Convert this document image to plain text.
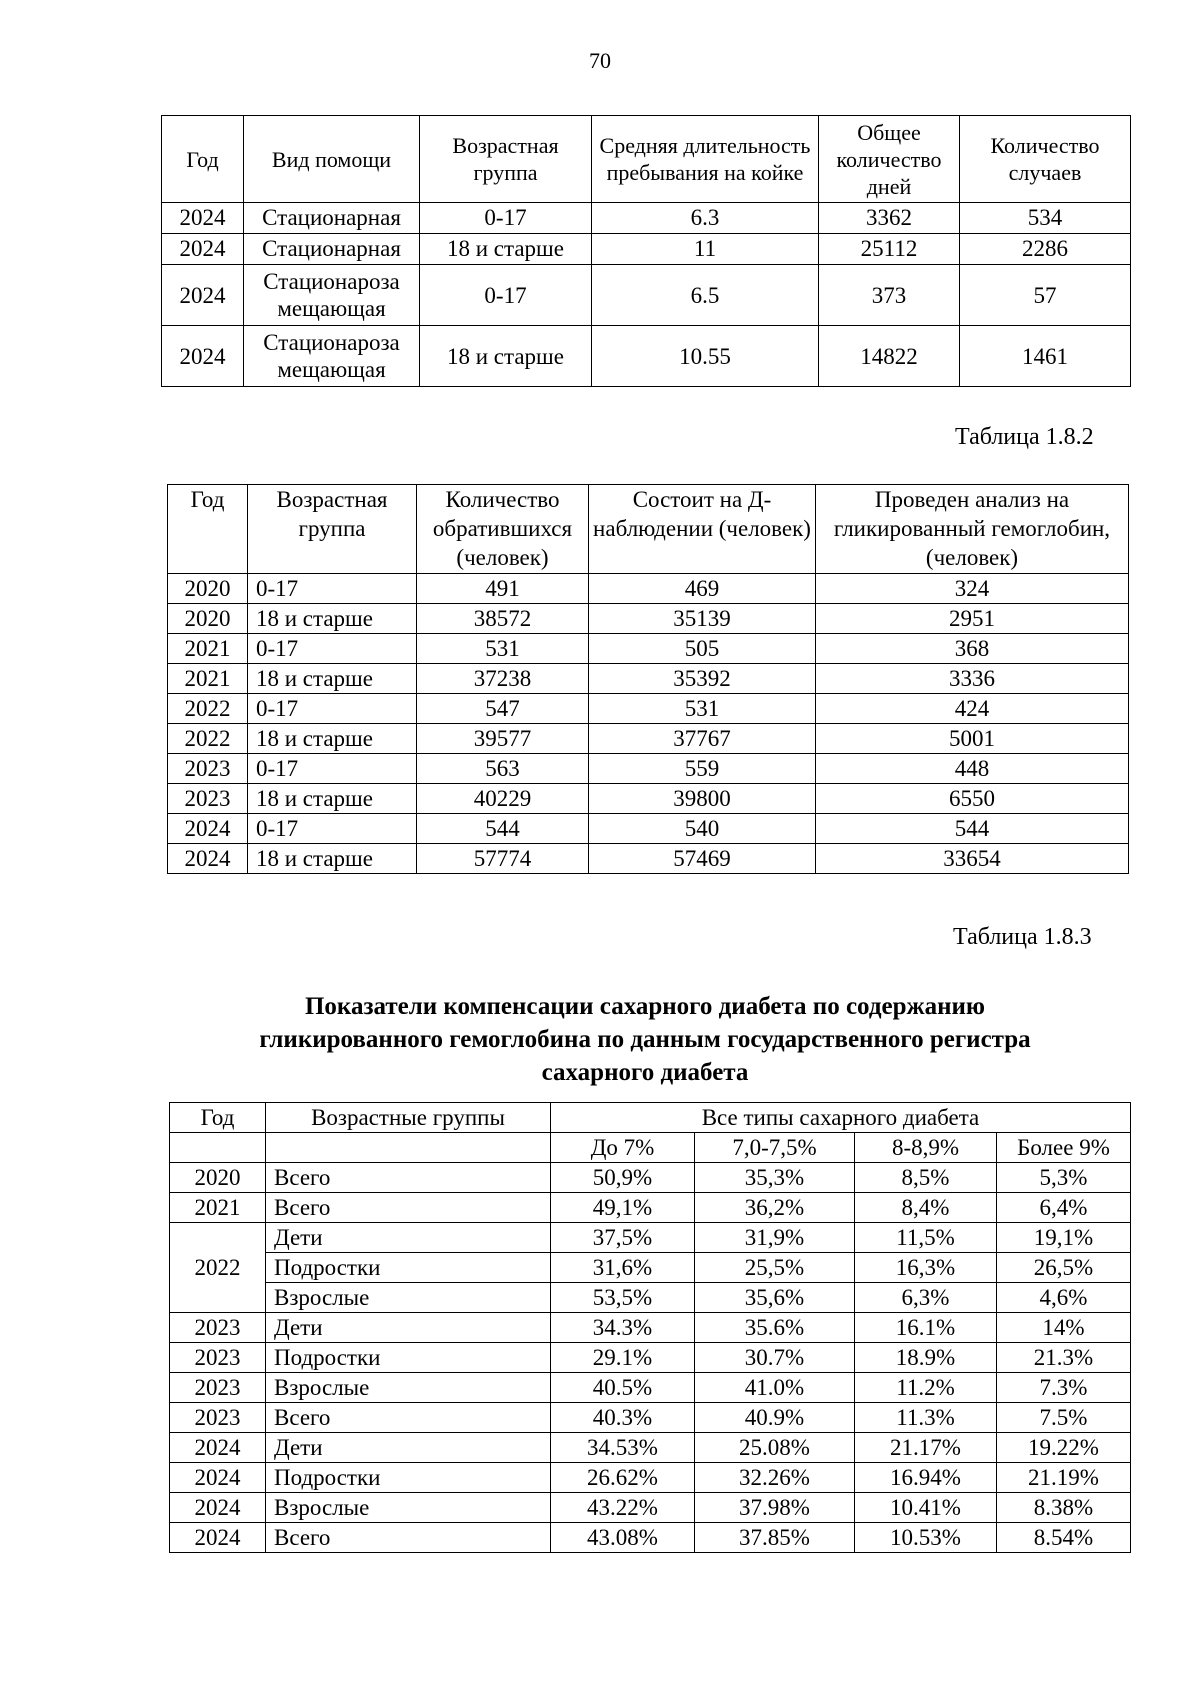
70
Год	Вид помощи	Возрастная группа	Средняя длительность пребывания на койке	Общее количество дней	Количество случаев
2024	Стационарная	0-17	6.3	3362	534
2024	Стационарная	18 и старше	11	25112	2286
2024	Стационароза мещающая	0-17	6.5	373	57
2024	Стационароза мещающая	18 и старше	10.55	14822	1461
Таблица 1.8.2
Год	Возрастная группа	Количество обратившихся (человек)	Состоит на Д-наблюдении (человек)	Проведен анализ на гликированный гемоглобин, (человек)
2020	0-17	491	469	324
2020	18 и старше	38572	35139	2951
2021	0-17	531	505	368
2021	18 и старше	37238	35392	3336
2022	0-17	547	531	424
2022	18 и старше	39577	37767	5001
2023	0-17	563	559	448
2023	18 и старше	40229	39800	6550
2024	0-17	544	540	544
2024	18 и старше	57774	57469	33654
Таблица 1.8.3
Показатели компенсации сахарного диабета по содержанию
гликированного гемоглобина по данным государственного регистра
сахарного диабета
Год	Возрастные группы	Все типы сахарного диабета			
		До 7%	7,0-7,5%	8-8,9%	Более 9%
2020	Всего	50,9%	35,3%	8,5%	5,3%
2021	Всего	49,1%	36,2%	8,4%	6,4%
2022	Дети	37,5%	31,9%	11,5%	19,1%
	Подростки	31,6%	25,5%	16,3%	26,5%
	Взрослые	53,5%	35,6%	6,3%	4,6%
2023	Дети	34.3%	35.6%	16.1%	14%
2023	Подростки	29.1%	30.7%	18.9%	21.3%
2023	Взрослые	40.5%	41.0%	11.2%	7.3%
2023	Всего	40.3%	40.9%	11.3%	7.5%
2024	Дети	34.53%	25.08%	21.17%	19.22%
2024	Подростки	26.62%	32.26%	16.94%	21.19%
2024	Взрослые	43.22%	37.98%	10.41%	8.38%
2024	Всего	43.08%	37.85%	10.53%	8.54%
